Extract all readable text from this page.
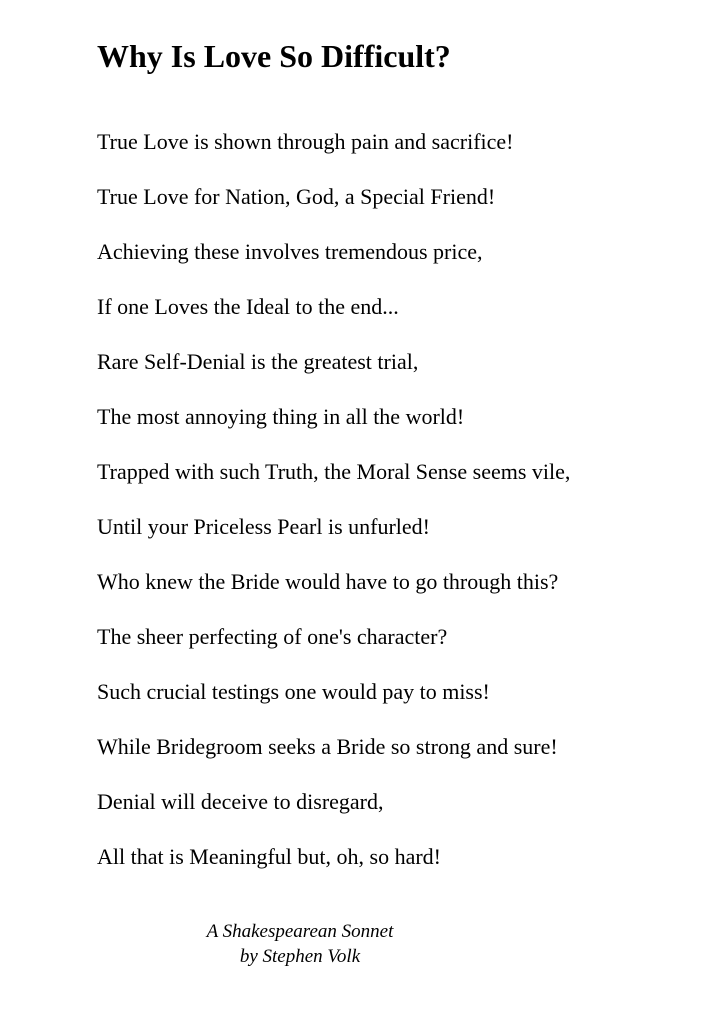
Why Is Love So Difficult?
True Love is shown through pain and sacrifice!
True Love for Nation, God, a Special Friend!
Achieving these involves tremendous price,
If one Loves the Ideal to the end...
Rare Self-Denial is the greatest trial,
The most annoying thing in all the world!
Trapped with such Truth, the Moral Sense seems vile,
Until your Priceless Pearl is unfurled!
Who knew the Bride would have to go through this?
The sheer perfecting of one's character?
Such crucial testings one would pay to miss!
While Bridegroom seeks a Bride so strong and sure!
Denial will deceive to disregard,
All that is Meaningful but, oh, so hard!
A Shakespearean Sonnet
by Stephen Volk
